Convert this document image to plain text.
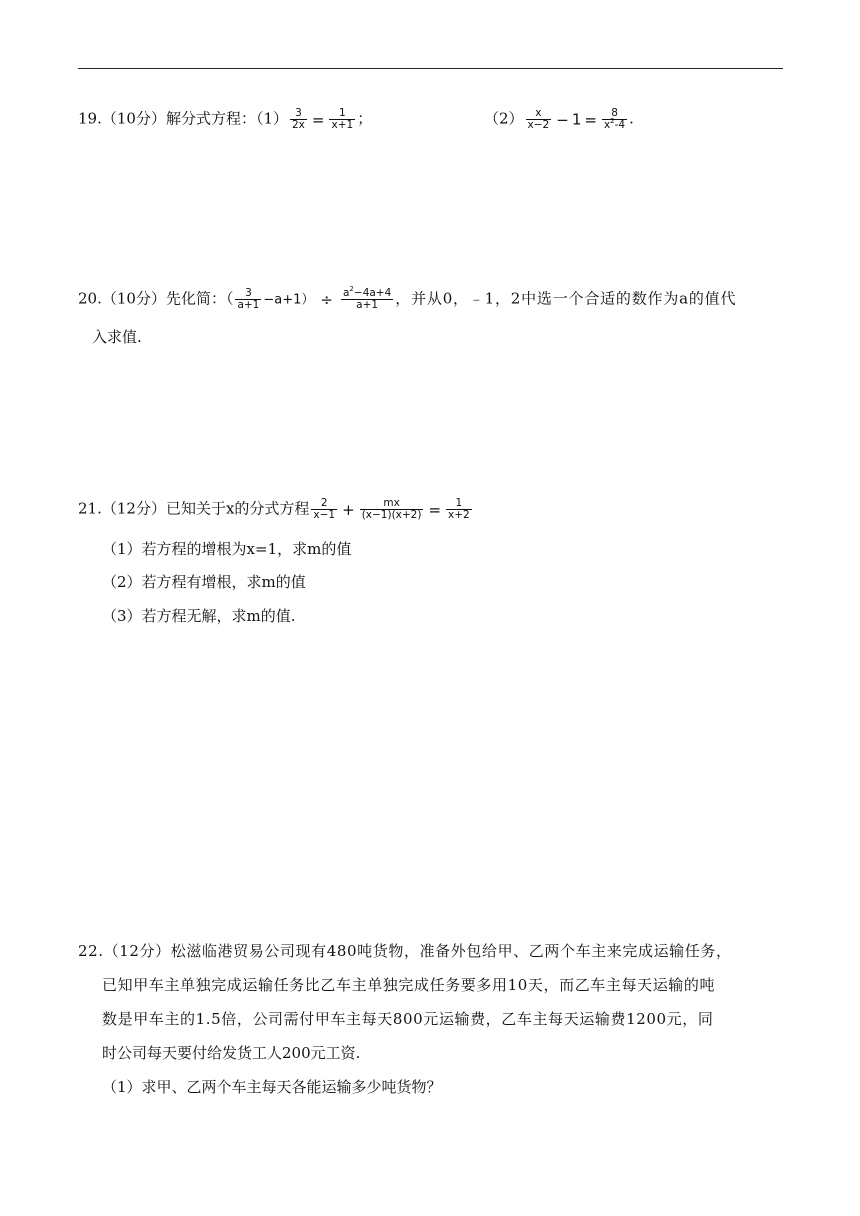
19.（10分）解分式方程：$(1) \frac{3}{2x} = \frac{1}{x+1}$ ；	$(2) \frac{x}{x-2} - 1 = \frac{8}{x^2-4}$ .
20.（10分）先化简：（ $\frac{3}{a+1} -a+1) \div \frac{a^2-4a+4}{a+1}$ ，并从0，﹣1，2中选一个合适的数作为a的值代
入求值.
21.（12分）已知关于x的分式方程 $\frac{2}{x-1} + \frac{mx}{(x-1)(x+2)} = \frac{1}{x+2}$
（1）若方程的增根为x=1，求m的值
（2）若方程有增根，求m的值
（3）若方程无解，求m的值.
22.（12分）松滋临港贸易公司现有480吨货物，准备外包给甲、乙两个车主来完成运输任务，
已知甲车主单独完成运输任务比乙车主单独完成任务要多用10天，而乙车主每天运输的吨
数是甲车主的1.5倍，公司需付甲车主每天800元运输费，乙车主每天运输费1200元，同
时公司每天要付给发货工人200元工资.
（1）求甲、乙两个车主每天各能运输多少吨货物？
